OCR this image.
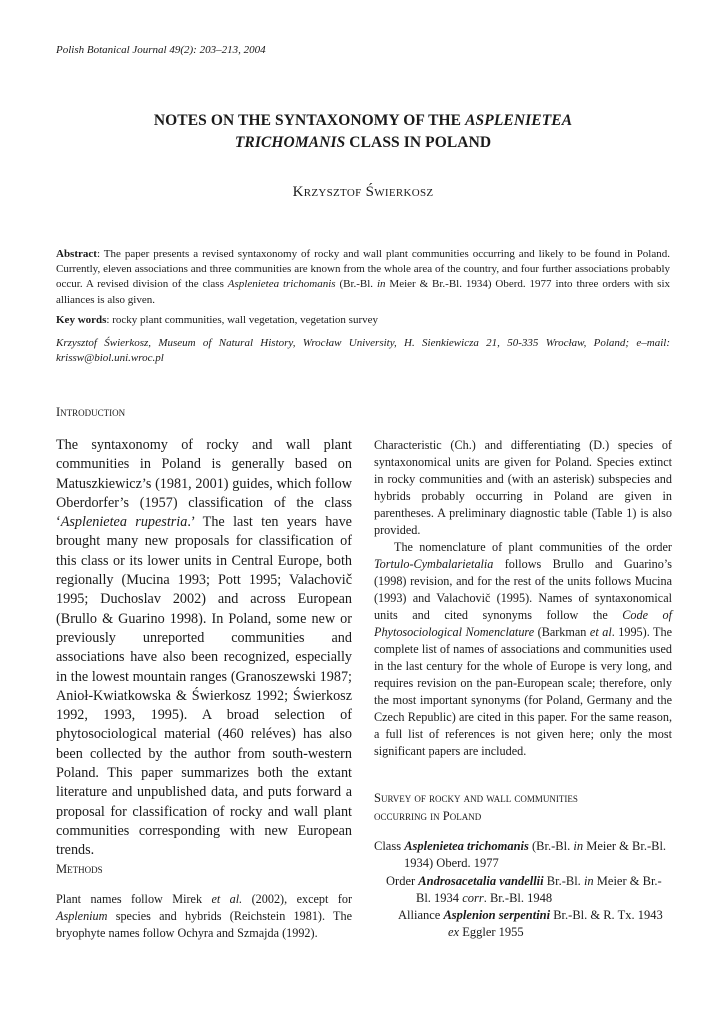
Polish Botanical Journal 49(2): 203–213, 2004
NOTES ON THE SYNTAXONOMY OF THE ASPLENIETEA
TRICHOMANIS CLASS IN POLAND
Krzysztof Świerkosz
Abstract: The paper presents a revised syntaxonomy of rocky and wall plant communities occurring and likely to be found in Poland. Currently, eleven associations and three communities are known from the whole area of the country, and four further associations probably occur. A revised division of the class Asplenietea trichomanis (Br.-Bl. in Meier & Br.-Bl. 1934) Oberd. 1977 into three orders with six alliances is also given.
Key words: rocky plant communities, wall vegetation, vegetation survey
Krzysztof Świerkosz, Museum of Natural History, Wrocław University, H. Sienkiewicza 21, 50-335 Wrocław, Poland; e–mail: krissw@biol.uni.wroc.pl
Introduction
The syntaxonomy of rocky and wall plant communities in Poland is generally based on Matuszkiewicz’s (1981, 2001) guides, which follow Oberdorfer’s (1957) classification of the class ‘Asplenietea rupestria.’ The last ten years have brought many new proposals for classification of this class or its lower units in Central Europe, both regionally (Mucina 1993; Pott 1995; Valachovič 1995; Duchoslav 2002) and across European (Brullo & Guarino 1998). In Poland, some new or previously unreported communities and associations have also been recognized, especially in the lowest mountain ranges (Granoszewski 1987; Anioł-Kwiatkowska & Świerkosz 1992; Świerkosz 1992, 1993, 1995). A broad selection of phytosociological material (460 reléves) has also been collected by the author from south-western Poland. This paper summarizes both the extant literature and unpublished data, and puts forward a proposal for classification of rocky and wall plant communities corresponding with new European trends.
Methods
Plant names follow Mirek et al. (2002), except for Asplenium species and hybrids (Reichstein 1981). The bryophyte names follow Ochyra and Szmajda (1992).

Characteristic (Ch.) and differentiating (D.) species of syntaxonomical units are given for Poland. Species extinct in rocky communities and (with an asterisk) subspecies and hybrids probably occurring in Poland are given in parentheses. A preliminary diagnostic table (Table 1) is also provided.

The nomenclature of plant communities of the order Tortulo-Cymbalarietalia follows Brullo and Guarino’s (1998) revision, and for the rest of the units follows Mucina (1993) and Valachovič (1995). Names of syntaxonomical units and cited synonyms follow the Code of Phytosociological Nomenclature (Barkman et al. 1995). The complete list of names of associations and communities used in the last century for the whole of Europe is very long, and requires revision on the pan-European scale; therefore, only the most important synonyms (for Poland, Germany and the Czech Republic) are cited in this paper. For the same reason, a full list of references is not given here; only the most significant papers are included.

Survey of rocky and wall communities
occurring in Poland
Class Asplenietea trichomanis (Br.-Bl. in Meier & Br.-Bl. 1934) Oberd. 1977
Order Androsacetalia vandellii Br.-Bl. in Meier & Br.-Bl. 1934 corr. Br.-Bl. 1948
Alliance Asplenion serpentini Br.-Bl. & R. Tx. 1943 ex Eggler 1955
